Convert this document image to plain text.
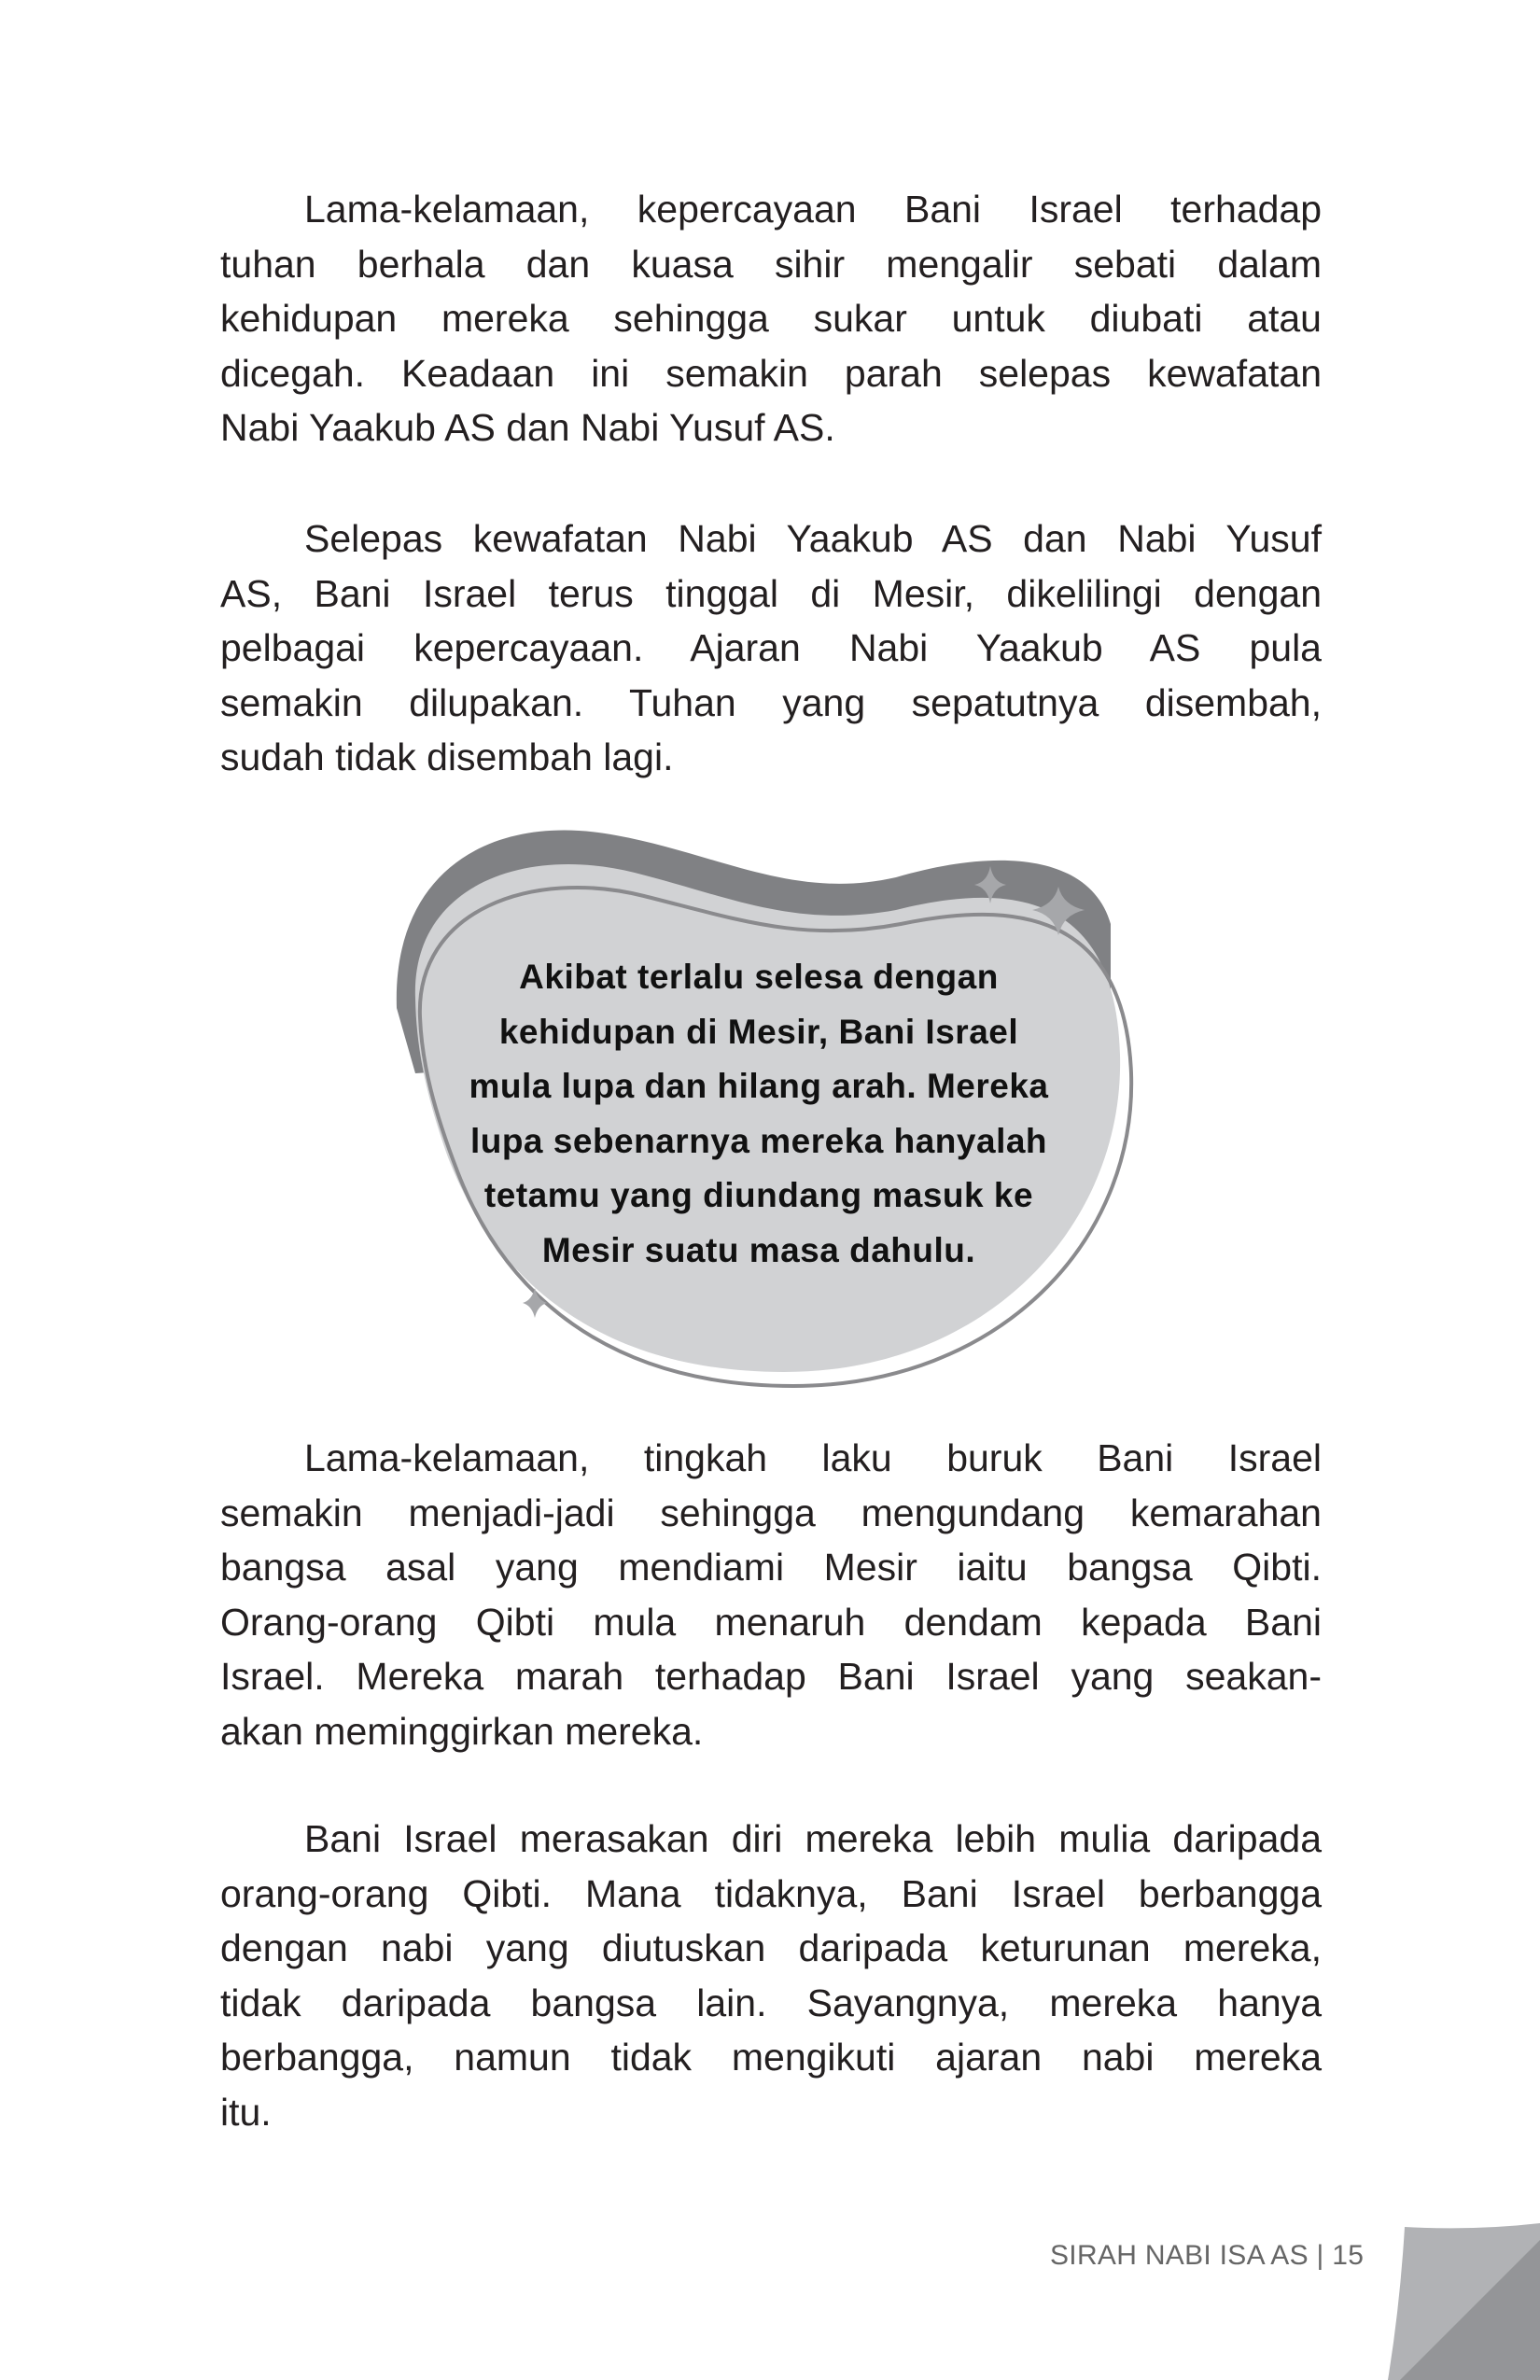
Lama-kelamaan, kepercayaan Bani Israel terhadap
tuhan berhala dan kuasa sihir mengalir sebati dalam
kehidupan mereka sehingga sukar untuk diubati atau
dicegah. Keadaan ini semakin parah selepas kewafatan
Nabi Yaakub AS dan Nabi Yusuf AS.
Selepas kewafatan Nabi Yaakub AS dan Nabi Yusuf
AS, Bani Israel terus tinggal di Mesir, dikelilingi dengan
pelbagai kepercayaan. Ajaran Nabi Yaakub AS pula
semakin dilupakan. Tuhan yang sepatutnya disembah,
sudah tidak disembah lagi.
Akibat terlalu selesa dengan
kehidupan di Mesir, Bani Israel
mula lupa dan hilang arah. Mereka
lupa sebenarnya mereka hanyalah
tetamu yang diundang masuk ke
Mesir suatu masa dahulu.
Lama-kelamaan, tingkah laku buruk Bani Israel
semakin menjadi-jadi sehingga mengundang kemarahan
bangsa asal yang mendiami Mesir iaitu bangsa Qibti.
Orang-orang Qibti mula menaruh dendam kepada Bani
Israel. Mereka marah terhadap Bani Israel yang seakan-
akan meminggirkan mereka.
Bani Israel merasakan diri mereka lebih mulia daripada
orang-orang Qibti. Mana tidaknya, Bani Israel berbangga
dengan nabi yang diutuskan daripada keturunan mereka,
tidak daripada bangsa lain. Sayangnya, mereka hanya
berbangga, namun tidak mengikuti ajaran nabi mereka
itu.
SIRAH NABI ISA AS | 15
